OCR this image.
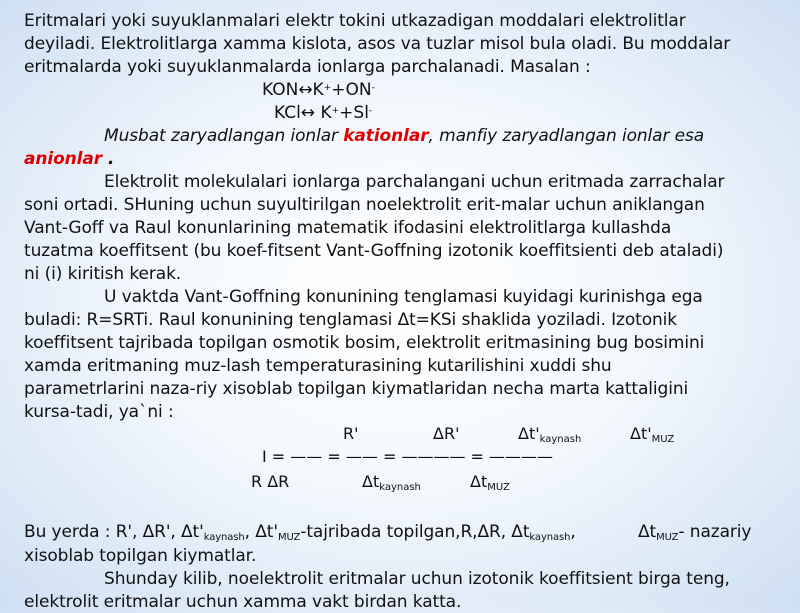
Eritmalari yoki suyuklanmalari elektr tokini utkazadigan moddalari elektrolitlar
deyiladi. Elektrolitlarga xamma kislota, asos va tuzlar misol bula oladi. Bu moddalar
eritmalarda yoki suyuklanmalarda ionlarga parchalanadi. Masalan :
KON↔K++ON-
KCl↔ K++Sl-
Musbat zaryadlangan ionlar kationlar, manfiy zaryadlangan ionlar esa
anionlar .
Elektrolit molekulalari ionlarga parchalangani uchun eritmada zarrachalar
soni ortadi. SHuning uchun suyultirilgan noelektrolit erit-malar uchun aniklangan
Vant-Goff va Raul konunlarining matematik ifodasini elektrolitlarga kullashda
tuzatma koeffitsent (bu koef-fitsent Vant-Goffning izotonik koeffitsienti deb ataladi)
ni (i) kiritish kerak.
U vaktda Vant-Goffning konunining tenglamasi kuyidagi kurinishga ega
buladi: R=SRTi. Raul konunining tenglamasi Δt=KSi shaklida yoziladi. Izotonik
koeffitsent tajribada topilgan osmotik bosim, elektrolit eritmasining bug bosimini
xamda eritmaning muz-lash temperaturasining kutarilishini xuddi shu
parametrlarini naza-riy xisoblab topilgan kiymatlaridan necha marta kattaligini
kursa-tadi, ya`ni :
R'	ΔR'	$\Delta t'_{kaynash}$	$\Delta t'_{MUZ}$
I = —— = —— = ———— = ————
R ΔR	$\Delta t_{kaynash}$	$\Delta t_{MUZ}$
Bu yerda : R', ΔR', $\Delta t'_{kaynash}$, $\Delta t'_{MUZ}$-tajribada topilgan,R,ΔR, $\Delta t_{kaynash}$,	$\Delta t_{MUZ}-$ nazariy
xisoblab topilgan kiymatlar.
Shunday kilib, noelektrolit eritmalar uchun izotonik koeffitsient birga teng,
elektrolit eritmalar uchun xamma vakt birdan katta.
